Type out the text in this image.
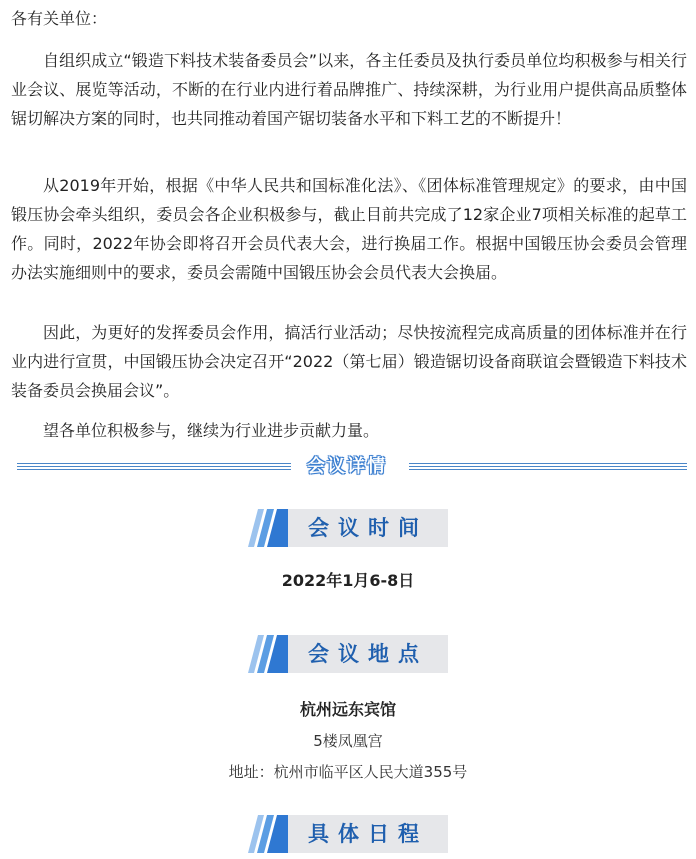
各有关单位：

自组织成立“锻造下料技术装备委员会”以来，各主任委员及执行委员单位均积极参与相关行业会议、展览等活动，不断的在行业内进行着品牌推广、持续深耕，为行业用户提供高品质整体锯切解决方案的同时，也共同推动着国产锯切装备水平和下料工艺的不断提升！

从2019年开始，根据《中华人民共和国标准化法》、《团体标准管理规定》的要求，由中国锻压协会牵头组织，委员会各企业积极参与，截止目前共完成了12家企业7项相关标准的起草工作。同时，2022年协会即将召开会员代表大会，进行换届工作。根据中国锻压协会委员会管理办法实施细则中的要求，委员会需随中国锻压协会会员代表大会换届。

因此，为更好的发挥委员会作用，搞活行业活动；尽快按流程完成高质量的团体标准并在行业内进行宣贯，中国锻压协会决定召开“2022（第七届）锻造锯切设备商联谊会暨锻造下料技术装备委员会换届会议”。

望各单位积极参与，继续为行业进步贡献力量。

会议详情
会议时间

2022年1月6-8日

会议地点

杭州远东宾馆

5楼凤凰宫

地址：杭州市临平区人民大道355号

具体日程
